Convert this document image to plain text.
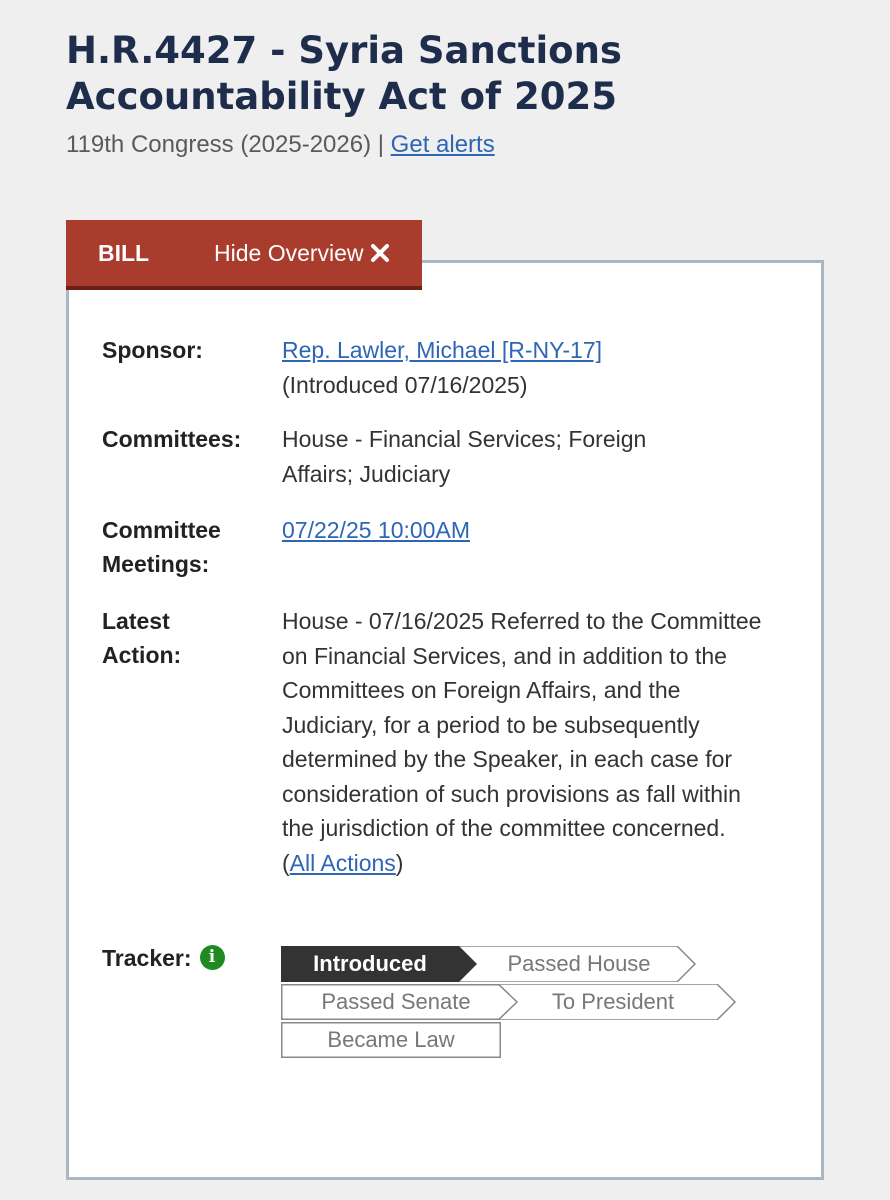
H.R.4427 - Syria Sanctions Accountability Act of 2025
119th Congress (2025-2026) | Get alerts
BILL	Hide Overview
Sponsor:	Rep. Lawler, Michael [R-NY-17]
(Introduced 07/16/2025)
Committees:	House - Financial Services; Foreign Affairs; Judiciary
Committee
Meetings:
07/22/25 10:00AM
Latest
Action:
House - 07/16/2025 Referred to the Committee on Financial Services, and in addition to the Committees on Foreign Affairs, and the Judiciary, for a period to be subsequently determined by the Speaker, in each case for consideration of such provisions as fall within the jurisdiction of the committee concerned.  (All Actions)
Tracker:	i	Introduced	Passed House
Passed Senate	To President
Became Law
